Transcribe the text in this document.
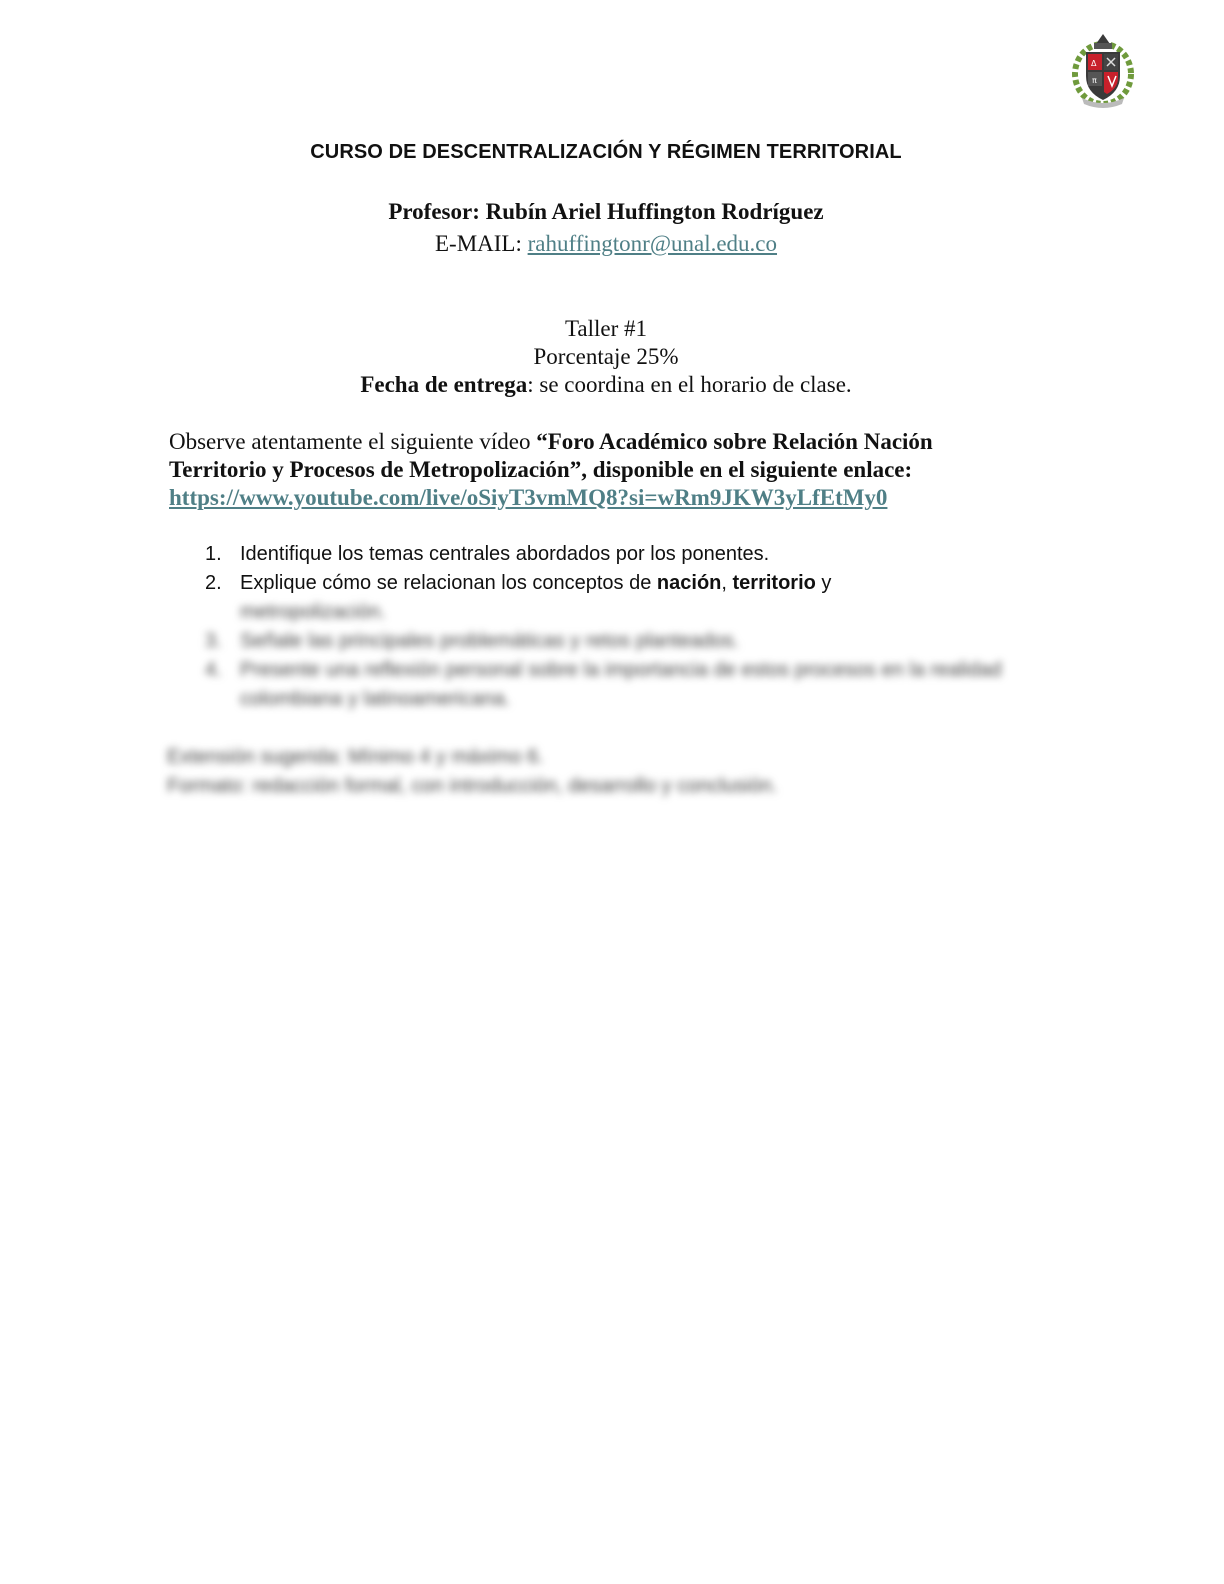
Δ
π
CURSO DE DESCENTRALIZACIÓN Y RÉGIMEN TERRITORIAL
Profesor: Rubín Ariel Huffington Rodríguez
E-MAIL: rahuffingtonr@unal.edu.co
Taller #1
Porcentaje 25%
Fecha de entrega: se coordina en el horario de clase.
Observe atentamente el siguiente vídeo “Foro Académico sobre Relación Nación Territorio y Procesos de Metropolización”, disponible en el siguiente enlace:
https://www.youtube.com/live/oSiyT3vmMQ8?si=wRm9JKW3yLfEtMy0
1. Identifique los temas centrales abordados por los ponentes.
2. Explique cómo se relacionan los conceptos de nación, territorio y
metropolización.
3. Señale las principales problemáticas y retos planteados.
4. Presente una reflexión personal sobre la importancia de estos procesos en la realidad colombiana y latinoamericana.
Extensión sugerida: Mínimo 4 y máximo 6.
Formato: redacción formal, con introducción, desarrollo y conclusión.
